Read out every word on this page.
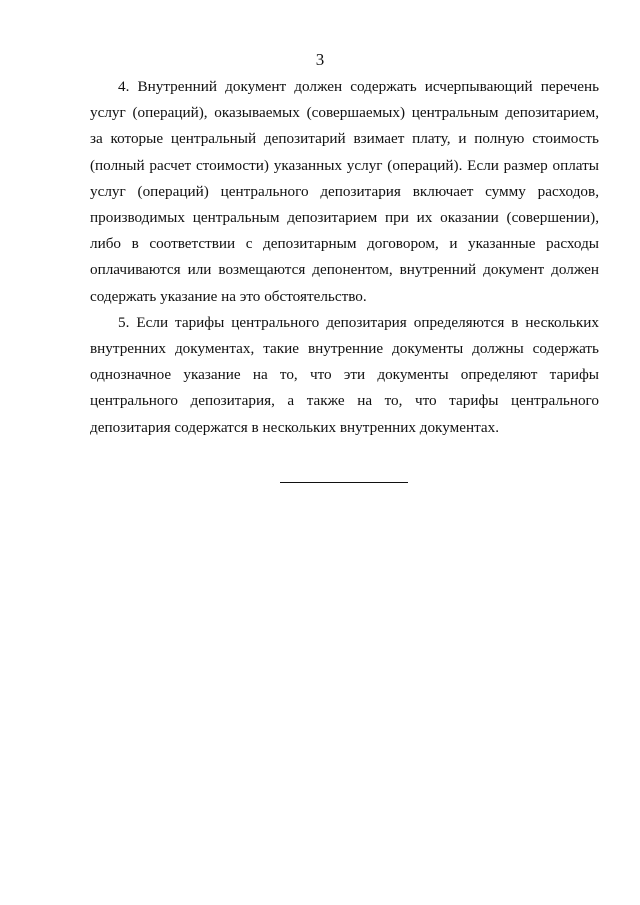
3

4. Внутренний документ должен содержать исчерпывающий перечень
услуг (операций), оказываемых (совершаемых) центральным депозитарием,
за которые центральный депозитарий взимает плату, и полную стоимость
(полный расчет стоимости) указанных услуг (операций). Если размер оплаты
услуг (операций) центрального депозитария включает сумму расходов,
производимых центральным депозитарием при их оказании (совершении),
либо в соответствии с депозитарным договором, и указанные расходы
оплачиваются или возмещаются депонентом, внутренний документ должен
содержать указание на это обстоятельство.

5. Если тарифы центрального депозитария определяются в нескольких
внутренних документах, такие внутренние документы должны содержать
однозначное указание на то, что эти документы определяют тарифы
центрального депозитария, а также на то, что тарифы центрального
депозитария содержатся в нескольких внутренних документах.
